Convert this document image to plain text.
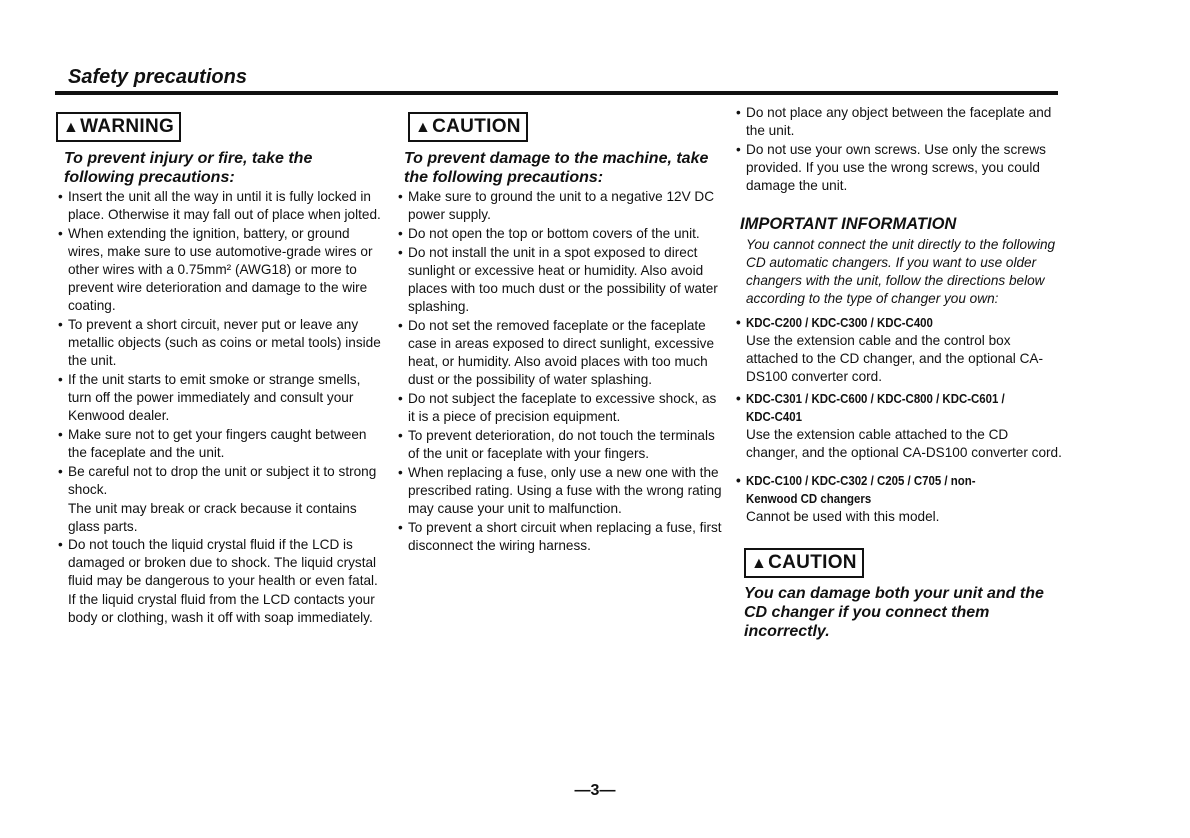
Safety precautions
▲WARNING
To prevent injury or fire, take the following precautions:
• Insert the unit all the way in until it is fully locked in place. Otherwise it may fall out of place when jolted.
• When extending the ignition, battery, or ground wires, make sure to use automotive-grade wires or other wires with a 0.75mm² (AWG18) or more to prevent wire deterioration and damage to the wire coating.
• To prevent a short circuit, never put or leave any metallic objects (such as coins or metal tools) inside the unit.
• If the unit starts to emit smoke or strange smells, turn off the power immediately and consult your Kenwood dealer.
• Make sure not to get your fingers caught between the faceplate and the unit.
• Be careful not to drop the unit or subject it to strong shock.
The unit may break or crack because it contains glass parts.
• Do not touch the liquid crystal fluid if the LCD is damaged or broken due to shock. The liquid crystal fluid may be dangerous to your health or even fatal.
If the liquid crystal fluid from the LCD contacts your body or clothing, wash it off with soap immediately.
▲CAUTION
To prevent damage to the machine, take the following precautions:
• Make sure to ground the unit to a negative 12V DC power supply.
• Do not open the top or bottom covers of the unit.
• Do not install the unit in a spot exposed to direct sunlight or excessive heat or humidity. Also avoid places with too much dust or the possibility of water splashing.
• Do not set the removed faceplate or the faceplate case in areas exposed to direct sunlight, excessive heat, or humidity. Also avoid places with too much dust or the possibility of water splashing.
• Do not subject the faceplate to excessive shock, as it is a piece of precision equipment.
• To prevent deterioration, do not touch the terminals of the unit or faceplate with your fingers.
• When replacing a fuse, only use a new one with the prescribed rating. Using a fuse with the wrong rating may cause your unit to malfunction.
• To prevent a short circuit when replacing a fuse, first disconnect the wiring harness.
• Do not place any object between the faceplate and the unit.
• Do not use your own screws. Use only the screws provided. If you use the wrong screws, you could damage the unit.
IMPORTANT INFORMATION
You cannot connect the unit directly to the following CD automatic changers. If you want to use older changers with the unit, follow the directions below according to the type of changer you own:
• KDC-C200 / KDC-C300 / KDC-C400
Use the extension cable and the control box attached to the CD changer, and the optional CA-DS100 converter cord.
• KDC-C301 / KDC-C600 / KDC-C800 / KDC-C601 / KDC-C401
Use the extension cable attached to the CD changer, and the optional CA-DS100 converter cord.
• KDC-C100 / KDC-C302 / C205 / C705 / non-Kenwood CD changers
Cannot be used with this model.
▲CAUTION
You can damage both your unit and the CD changer if you connect them incorrectly.
—3—
